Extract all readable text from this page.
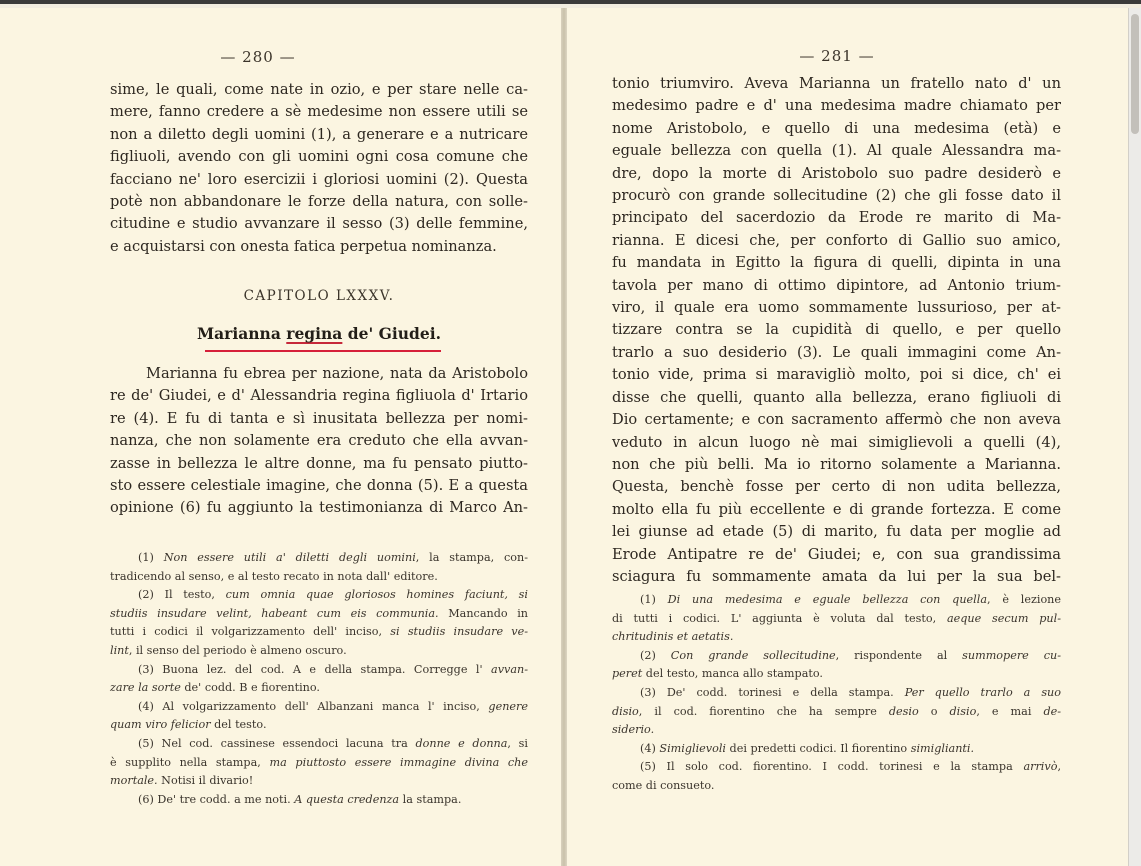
— 280 —
sime, le quali, come nate in ozio, e per stare nelle ca-
mere, fanno credere a sè medesime non essere utili se
non a diletto degli uomini (1), a generare e a nutricare
figliuoli, avendo con gli uomini ogni cosa comune che
facciano ne' loro esercizii i gloriosi uomini (2). Questa
potè non abbandonare le forze della natura, con solle-
citudine e studio avvanzare il sesso (3) delle femmine,
e acquistarsi con onesta fatica perpetua nominanza.
CAPITOLO LXXXV.
Marianna regina de' Giudei.
Marianna fu ebrea per nazione, nata da Aristobolo
re de' Giudei, e d' Alessandria regina figliuola d' Irtario
re (4). E fu di tanta e sì inusitata bellezza per nomi-
nanza, che non solamente era creduto che ella avvan-
zasse in bellezza le altre donne, ma fu pensato piutto-
sto essere celestiale imagine, che donna (5). E a questa
opinione (6) fu aggiunto la testimonianza di Marco An-
(1) Non essere utili a' diletti degli uomini, la stampa, con-
tradicendo al senso, e al testo recato in nota dall' editore.
(2) Il testo, cum omnia quae gloriosos homines faciunt, si
studiis insudare velint, habeant cum eis communia. Mancando in
tutti i codici il volgarizzamento dell' inciso, si studiis insudare ve-
lint, il senso del periodo è almeno oscuro.
(3) Buona lez. del cod. A e della stampa. Corregge l' avvan-
zare la sorte de' codd. B e fiorentino.
(4) Al volgarizzamento dell' Albanzani manca l' inciso, genere
quam viro felicior del testo.
(5) Nel cod. cassinese essendoci lacuna tra donne e donna, si
è supplito nella stampa, ma piuttosto essere immagine divina che
mortale. Notisi il divario!
(6) De' tre codd. a me noti. A questa credenza la stampa.
— 281 —
tonio triumviro. Aveva Marianna un fratello nato d' un
medesimo padre e d' una medesima madre chiamato per
nome Aristobolo, e quello di una medesima (età) e
eguale bellezza con quella (1). Al quale Alessandra ma-
dre, dopo la morte di Aristobolo suo padre desiderò e
procurò con grande sollecitudine (2) che gli fosse dato il
principato del sacerdozio da Erode re marito di Ma-
rianna. E dicesi che, per conforto di Gallio suo amico,
fu mandata in Egitto la figura di quelli, dipinta in una
tavola per mano di ottimo dipintore, ad Antonio trium-
viro, il quale era uomo sommamente lussurioso, per at-
tizzare contra se la cupidità di quello, e per quello
trarlo a suo desiderio (3). Le quali immagini come An-
tonio vide, prima si maravigliò molto, poi si dice, ch' ei
disse che quelli, quanto alla bellezza, erano figliuoli di
Dio certamente; e con sacramento affermò che non aveva
veduto in alcun luogo nè mai simiglievoli a quelli (4),
non che più belli. Ma io ritorno solamente a Marianna.
Questa, benchè fosse per certo di non udita bellezza,
molto ella fu più eccellente e di grande fortezza. E come
lei giunse ad etade (5) di marito, fu data per moglie ad
Erode Antipatre re de' Giudei; e, con sua grandissima
sciagura fu sommamente amata da lui per la sua bel-
(1) Di una medesima e eguale bellezza con quella, è lezione
di tutti i codici. L' aggiunta è voluta dal testo, aeque secum pul-
chritudinis et aetatis.
(2) Con grande sollecitudine, rispondente al summopere cu-
peret del testo, manca allo stampato.
(3) De' codd. torinesi e della stampa. Per quello trarlo a suo
disio, il cod. fiorentino che ha sempre desio o disio, e mai de-
siderio.
(4) Simiglievoli dei predetti codici. Il fiorentino simiglianti.
(5) Il solo cod. fiorentino. I codd. torinesi e la stampa arrivò,
come di consueto.
